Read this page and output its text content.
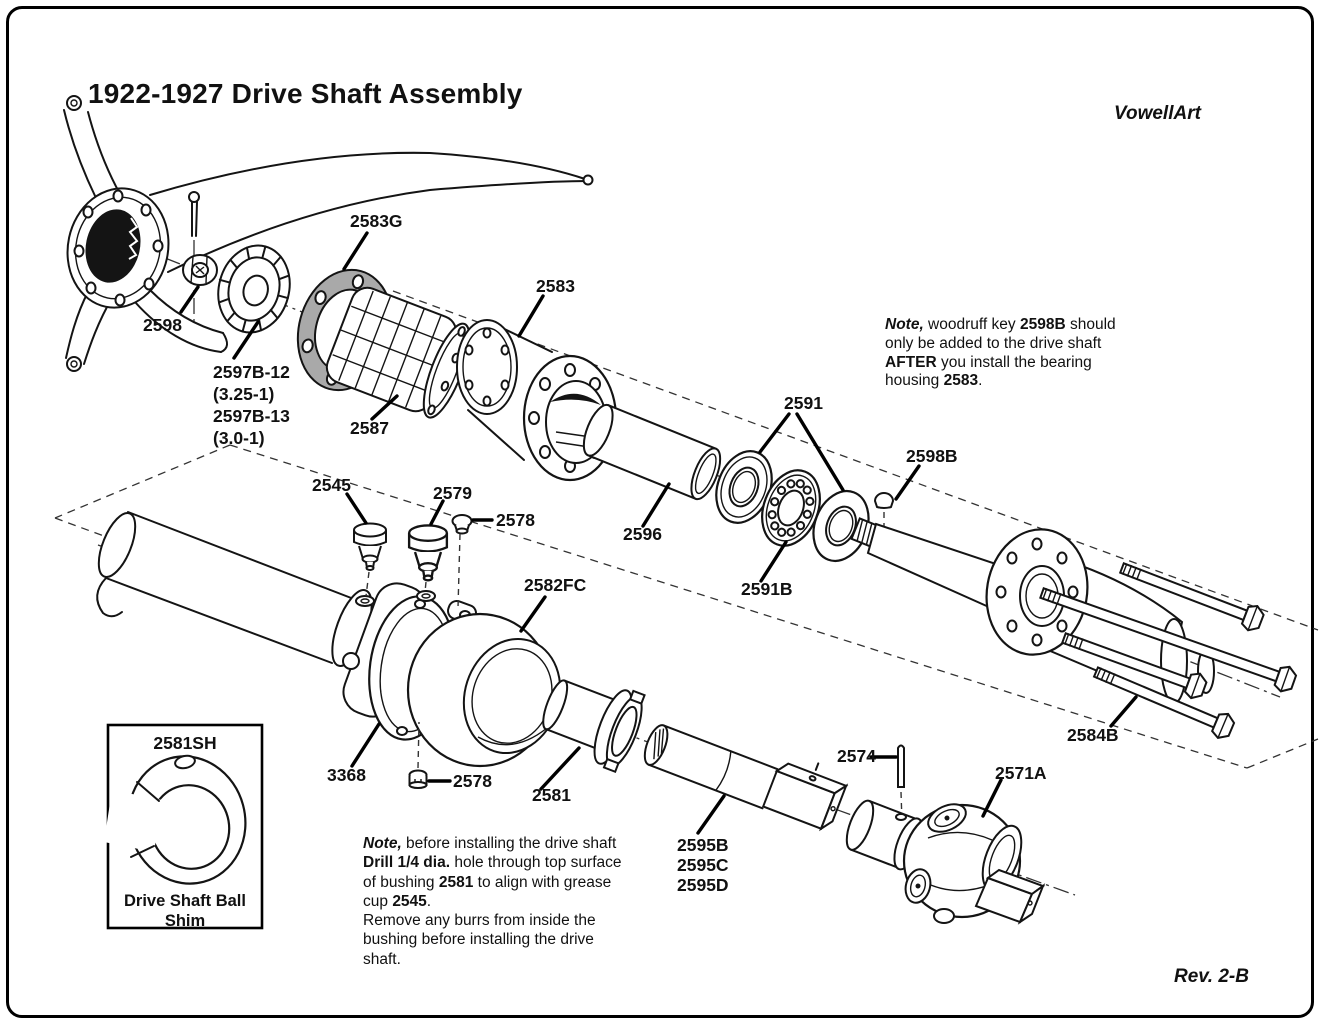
1922-1927 Drive Shaft Assembly
VowellArt
Rev. 2-B
Note, woodruff key 2598B should
only be added to the drive shaft
AFTER you install the bearing
housing 2583.
Note, before installing the drive shaft
Drill 1/4 dia. hole through top surface
of bushing 2581 to align with grease
cup 2545.
Remove any burrs from inside the
bushing before installing the drive
shaft.
2598
2597B-12
(3.25-1)
2597B-13
(3.0-1)
2583G
2587
2583
2596
2591
2598B
2591B
2545	2579
2578
2582FC
3368	2578
2581
2595B
2595C
2595D
2574
2571A
2584B
2581SH
Drive Shaft Ball
Shim
